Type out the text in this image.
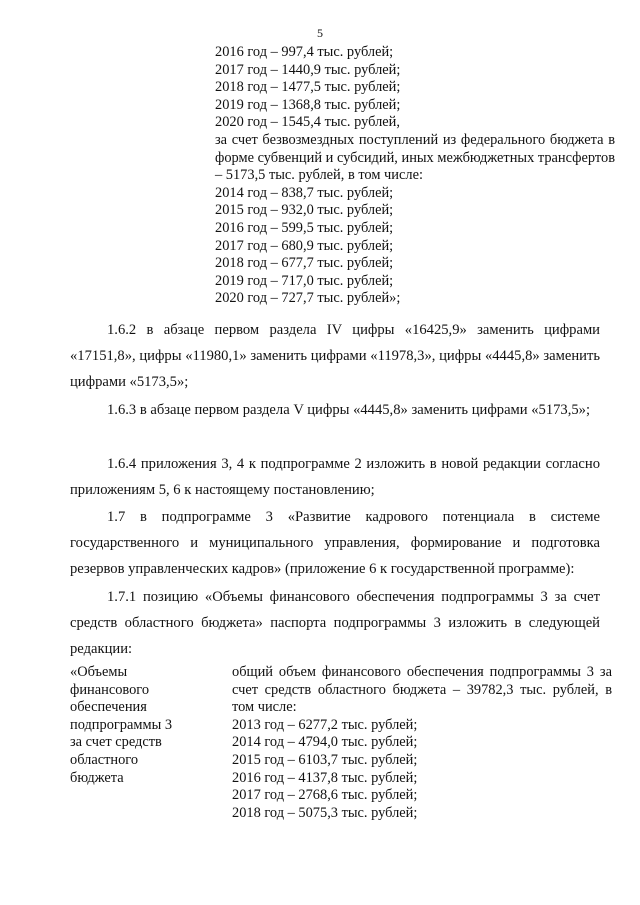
5
2016 год – 997,4 тыс. рублей;
2017 год – 1440,9 тыс. рублей;
2018 год – 1477,5 тыс. рублей;
2019 год – 1368,8 тыс. рублей;
2020 год – 1545,4 тыс. рублей,
за счет безвозмездных поступлений из федерального бюджета в форме субвенций и субсидий, иных межбюджетных трансфертов – 5173,5 тыс. рублей, в том числе:
2014 год – 838,7 тыс. рублей;
2015 год – 932,0 тыс. рублей;
2016 год – 599,5 тыс. рублей;
2017 год – 680,9 тыс. рублей;
2018 год – 677,7 тыс. рублей;
2019 год – 717,0 тыс. рублей;
2020 год – 727,7 тыс. рублей»;

1.6.2 в абзаце первом раздела IV цифры «16425,9» заменить цифрами «17151,8», цифры «11980,1» заменить цифрами «11978,3», цифры «4445,8» заменить цифрами «5173,5»;

1.6.3 в абзаце первом раздела V цифры «4445,8» заменить цифрами «5173,5»;

1.6.4 приложения 3, 4 к подпрограмме 2 изложить в новой редакции согласно приложениям 5, 6 к настоящему постановлению;

1.7 в подпрограмме 3 «Развитие кадрового потенциала в системе государственного и муниципального управления, формирование и подготовка резервов управленческих кадров» (приложение 6 к государственной программе):

1.7.1 позицию «Объемы финансового обеспечения подпрограммы 3 за счет средств областного бюджета» паспорта подпрограммы 3 изложить в следующей редакции:

«Объемы
финансового
обеспечения
подпрограммы 3
за счет средств
областного
бюджета
общий объем финансового обеспечения подпрограммы 3 за счет средств областного бюджета – 39782,3 тыс. рублей, в том числе:
2013 год – 6277,2 тыс. рублей;
2014 год – 4794,0 тыс. рублей;
2015 год – 6103,7 тыс. рублей;
2016 год – 4137,8 тыс. рублей;
2017 год – 2768,6 тыс. рублей;
2018 год – 5075,3 тыс. рублей;
